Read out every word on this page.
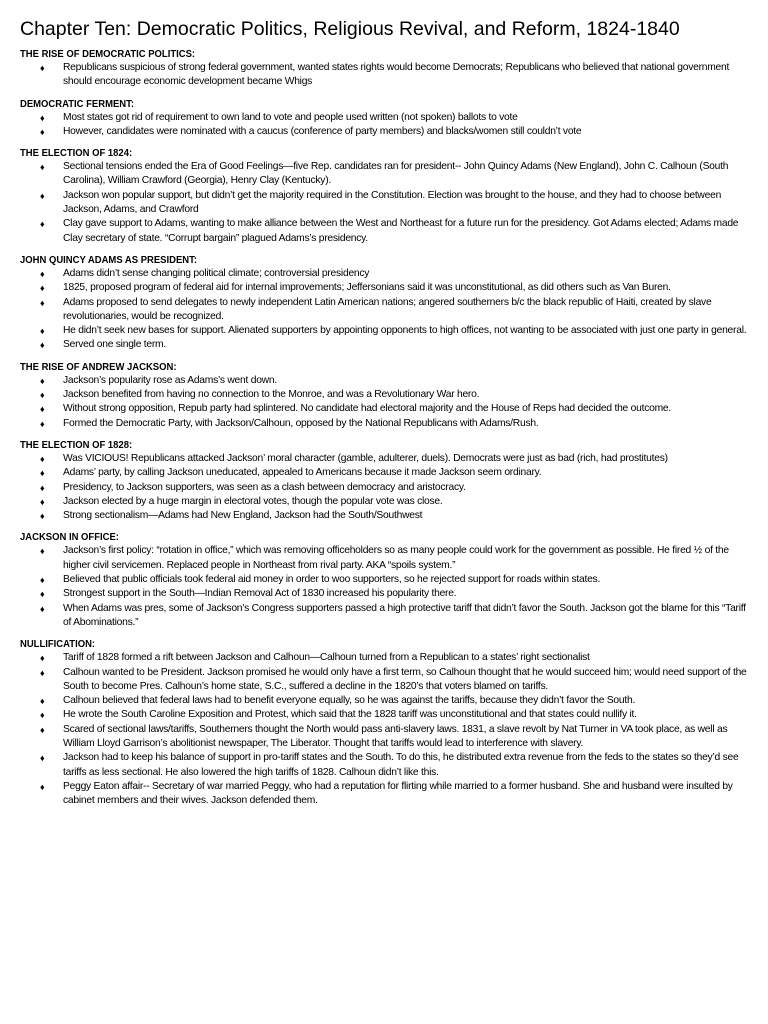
Chapter Ten: Democratic Politics, Religious Revival, and Reform, 1824-1840
THE RISE OF DEMOCRATIC POLITICS:
♦ Republicans suspicious of strong federal government, wanted states rights would become Democrats; Republicans who believed that national government should encourage economic development became Whigs
DEMOCRATIC FERMENT:
♦ Most states got rid of requirement to own land to vote and people used written (not spoken) ballots to vote
♦ However, candidates were nominated with a caucus (conference of party members) and blacks/women still couldn’t vote
THE ELECTION OF 1824:
♦ Sectional tensions ended the Era of Good Feelings—five Rep. candidates ran for president-- John Quincy Adams (New England), John C. Calhoun (South Carolina), William Crawford (Georgia), Henry Clay (Kentucky).
♦ Jackson won popular support, but didn’t get the majority required in the Constitution. Election was brought to the house, and they had to choose between Jackson, Adams, and Crawford
♦ Clay gave support to Adams, wanting to make alliance between the West and Northeast for a future run for the presidency. Got Adams elected; Adams made Clay secretary of state. “Corrupt bargain” plagued Adams’s presidency.
JOHN QUINCY ADAMS AS PRESIDENT:
♦ Adams didn’t sense changing political climate; controversial presidency
♦ 1825, proposed program of federal aid for internal improvements; Jeffersonians said it was unconstitutional, as did others such as Van Buren.
♦ Adams proposed to send delegates to newly independent Latin American nations; angered southerners b/c the black republic of Haiti, created by slave revolutionaries, would be recognized.
♦ He didn’t seek new bases for support. Alienated supporters by appointing opponents to high offices, not wanting to be associated with just one party in general.
♦ Served one single term.
THE RISE OF ANDREW JACKSON:
♦ Jackson’s popularity rose as Adams’s went down.
♦ Jackson benefited from having no connection to the Monroe, and was a Revolutionary War hero.
♦ Without strong opposition, Repub party had splintered. No candidate had electoral majority and the House of Reps had decided the outcome.
♦ Formed the Democratic Party, with Jackson/Calhoun, opposed by the National Republicans with Adams/Rush.
THE ELECTION OF 1828:
♦ Was VICIOUS! Republicans attacked Jackson’ moral character (gamble, adulterer, duels). Democrats were just as bad (rich, had prostitutes)
♦ Adams’ party, by calling Jackson uneducated, appealed to Americans because it made Jackson seem ordinary.
♦ Presidency, to Jackson supporters, was seen as a clash between democracy and aristocracy.
♦ Jackson elected by a huge margin in electoral votes, though the popular vote was close.
♦ Strong sectionalism—Adams had New England, Jackson had the South/Southwest
JACKSON IN OFFICE:
♦ Jackson’s first policy: “rotation in office,” which was removing officeholders so as many people could work for the government as possible. He fired ½ of the higher civil servicemen. Replaced people in Northeast from rival party. AKA “spoils system.”
♦ Believed that public officials took federal aid money in order to woo supporters, so he rejected support for roads within states.
♦ Strongest support in the South—Indian Removal Act of 1830 increased his popularity there.
♦ When Adams was pres, some of Jackson’s Congress supporters passed a high protective tariff that didn’t favor the South. Jackson got the blame for this “Tariff of Abominations.”
NULLIFICATION:
♦ Tariff of 1828 formed a rift between Jackson and Calhoun—Calhoun turned from a Republican to a states’ right sectionalist
♦ Calhoun wanted to be President. Jackson promised he would only have a first term, so Calhoun thought that he would succeed him; would need support of the South to become Pres. Calhoun’s home state, S.C., suffered a decline in the 1820’s that voters blamed on tariffs.
♦ Calhoun believed that federal laws had to benefit everyone equally, so he was against the tariffs, because they didn’t favor the South.
♦ He wrote the South Caroline Exposition and Protest, which said that the 1828 tariff was unconstitutional and that states could nullify it.
♦ Scared of sectional laws/tariffs, Southerners thought the North would pass anti-slavery laws. 1831, a slave revolt by Nat Turner in VA took place, as well as William Lloyd Garrison’s abolitionist newspaper, The Liberator. Thought that tariffs would lead to interference with slavery.
♦ Jackson had to keep his balance of support in pro-tariff states and the South. To do this, he distributed extra revenue from the feds to the states so they’d see tariffs as less sectional. He also lowered the high tariffs of 1828. Calhoun didn’t like this.
♦ Peggy Eaton affair-- Secretary of war married Peggy, who had a reputation for flirting while married to a former husband. She and husband were insulted by cabinet members and their wives. Jackson defended them.
